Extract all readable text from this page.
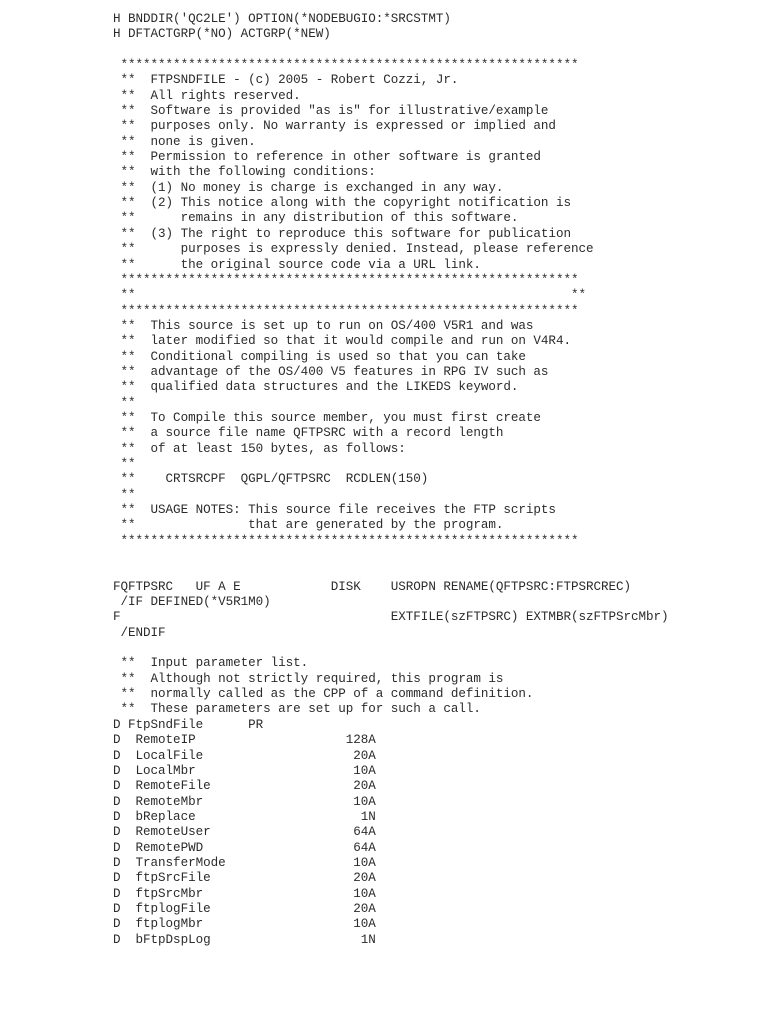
H BNDDIR('QC2LE') OPTION(*NODEBUGIO:*SRCSTMT)
H DFTACTGRP(*NO) ACTGRP(*NEW)
*************************************************************
**  FTPSNDFILE - (c) 2005 - Robert Cozzi, Jr.
**  All rights reserved.
**  Software is provided "as is" for illustrative/example
**  purposes only. No warranty is expressed or implied and
**  none is given.
**  Permission to reference in other software is granted
**  with the following conditions:
**  (1) No money is charge is exchanged in any way.
**  (2) This notice along with the copyright notification is
**      remains in any distribution of this software.
**  (3) The right to reproduce this software for publication
**      purposes is expressly denied. Instead, please reference
**      the original source code via a URL link.
*************************************************************
**                                                          **
*************************************************************
**  This source is set up to run on OS/400 V5R1 and was
**  later modified so that it would compile and run on V4R4.
**  Conditional compiling is used so that you can take
**  advantage of the OS/400 V5 features in RPG IV such as
**  qualified data structures and the LIKEDS keyword.
**
**  To Compile this source member, you must first create
**  a source file name QFTPSRC with a record length
**  of at least 150 bytes, as follows:
**
**    CRTSRCPF  QGPL/QFTPSRC  RCDLEN(150)
**
**  USAGE NOTES: This source file receives the FTP scripts
**               that are generated by the program.
*************************************************************
FQFTPSRC   UF A E            DISK    USROPN RENAME(QFTPSRC:FTPSRCREC)
/IF DEFINED(*V5R1M0)
F                                    EXTFILE(szFTPSRC) EXTMBR(szFTPSrcMbr)
/ENDIF
**  Input parameter list.
**  Although not strictly required, this program is
**  normally called as the CPP of a command definition.
**  These parameters are set up for such a call.
D FtpSndFile      PR
D  RemoteIP                    128A
D  LocalFile                    20A
D  LocalMbr                     10A
D  RemoteFile                   20A
D  RemoteMbr                    10A
D  bReplace                      1N
D  RemoteUser                   64A
D  RemotePWD                    64A
D  TransferMode                 10A
D  ftpSrcFile                   20A
D  ftpSrcMbr                    10A
D  ftplogFile                   20A
D  ftplogMbr                    10A
D  bFtpDspLog                    1N
